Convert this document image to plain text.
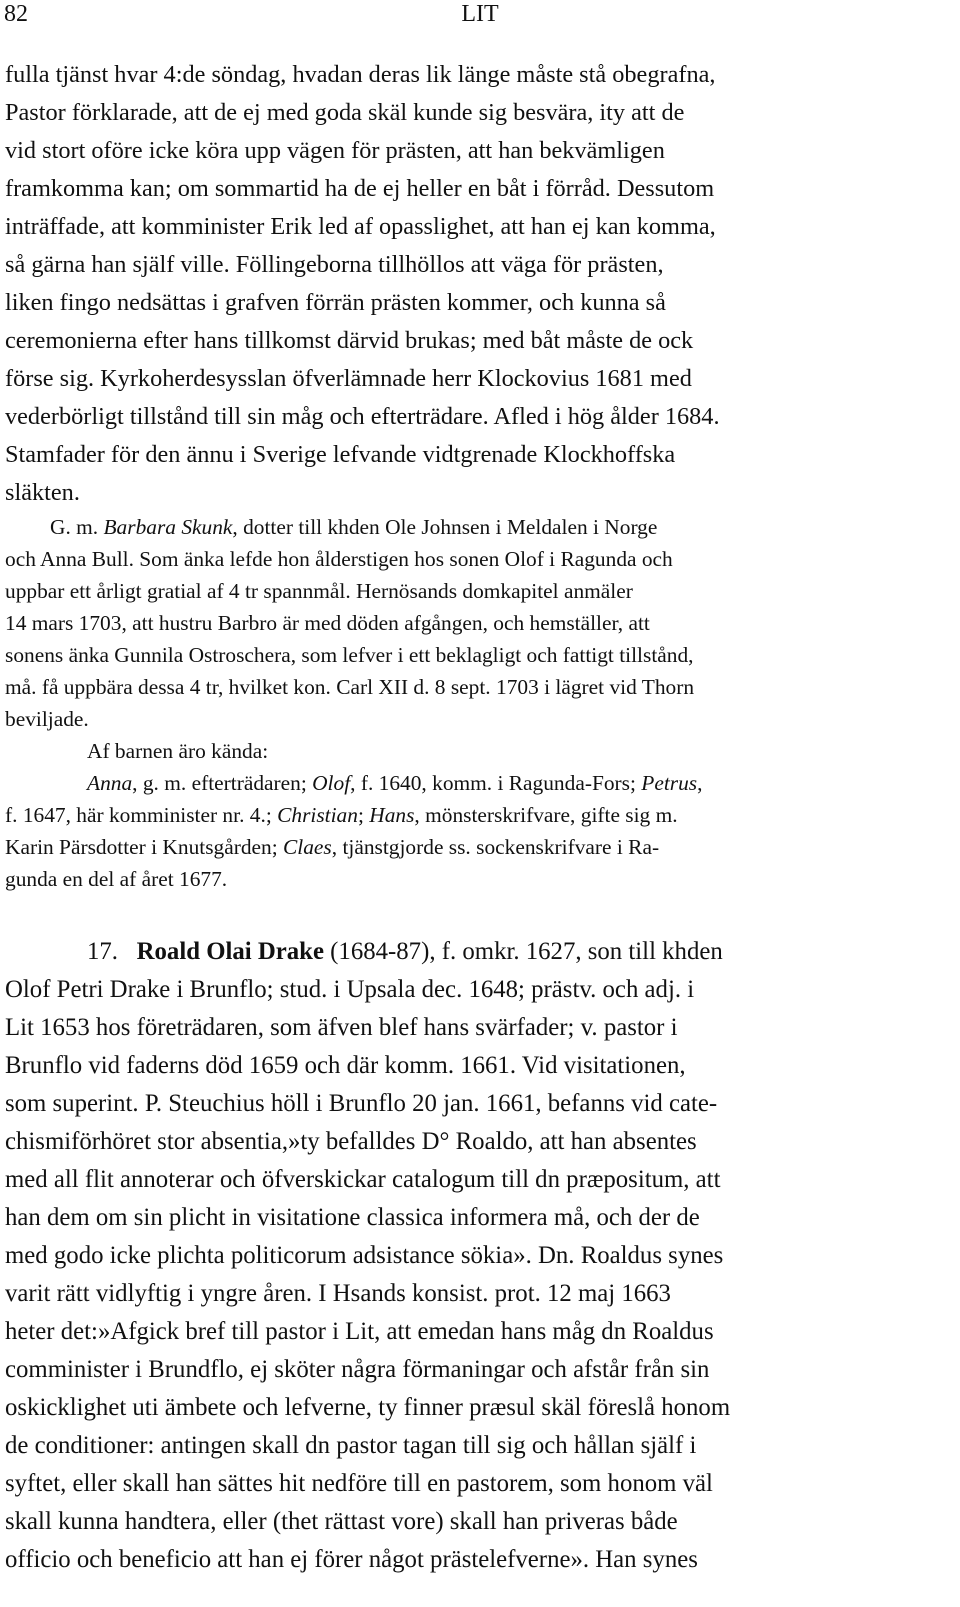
82	LIT
fulla tjänst hvar 4:de söndag, hvadan deras lik länge måste stå obegrafna,
Pastor förklarade, att de ej med goda skäl kunde sig besvära, ity att de
vid stort oföre icke köra upp vägen för prästen, att han bekvämligen
framkomma kan; om sommartid ha de ej heller en båt i förråd. Dessutom
inträffade, att komminister Erik led af opasslighet, att han ej kan komma,
så gärna han själf ville. Föllingeborna tillhöllos att väga för prästen,
liken fingo nedsättas i grafven förrän prästen kommer, och kunna så
ceremonierna efter hans tillkomst därvid brukas; med båt måste de ock
förse sig. Kyrkoherdesysslan öfverlämnade herr Klockovius 1681 med
vederbörligt tillstånd till sin måg och efterträdare. Afled i hög ålder 1684.
Stamfader för den ännu i Sverige lefvande vidtgrenade Klockhoffska
släkten.
G. m. Barbara Skunk, dotter till khden Ole Johnsen i Meldalen i Norge
och Anna Bull. Som änka lefde hon ålderstigen hos sonen Olof i Ragunda och
uppbar ett årligt gratial af 4 tr spannmål. Hernösands domkapitel anmäler
14 mars 1703, att hustru Barbro är med döden afgången, och hemställer, att
sonens änka Gunnila Ostroschera, som lefver i ett beklagligt och fattigt tillstånd,
må. få uppbära dessa 4 tr, hvilket kon. Carl XII d. 8 sept. 1703 i lägret vid Thorn
beviljade.
Af barnen äro kända:
Anna, g. m. efterträdaren; Olof, f. 1640, komm. i Ragunda-Fors; Petrus,
f. 1647, här komminister nr. 4.; Christian; Hans, mönsterskrifvare, gifte sig m.
Karin Pärsdotter i Knutsgården; Claes, tjänstgjorde ss. sockenskrifvare i Ra-
gunda en del af året 1677.
17. Roald Olai Drake (1684-87), f. omkr. 1627, son till khden
Olof Petri Drake i Brunflo; stud. i Upsala dec. 1648; prästv. och adj. i
Lit 1653 hos företrädaren, som äfven blef hans svärfader; v. pastor i
Brunflo vid faderns död 1659 och där komm. 1661. Vid visitationen,
som superint. P. Steuchius höll i Brunflo 20 jan. 1661, befanns vid cate-
chismiförhöret stor absentia,»ty befalldes D° Roaldo, att han absentes
med all flit annoterar och öfverskickar catalogum till dn præpositum, att
han dem om sin plicht in visitatione classica informera må, och der de
med godo icke plichta politicorum adsistance sökia». Dn. Roaldus synes
varit rätt vidlyftig i yngre åren. I Hsands konsist. prot. 12 maj 1663
heter det:»Afgick bref till pastor i Lit, att emedan hans måg dn Roaldus
comminister i Brundflo, ej sköter några förmaningar och afstår från sin
oskicklighet uti ämbete och lefverne, ty finner præsul skäl föreslå honom
de conditioner: antingen skall dn pastor tagan till sig och hållan själf i
syftet, eller skall han sättes hit nedföre till en pastorem, som honom väl
skall kunna handtera, eller (thet rättast vore) skall han priveras både
officio och beneficio att han ej förer något prästelefverne». Han synes
